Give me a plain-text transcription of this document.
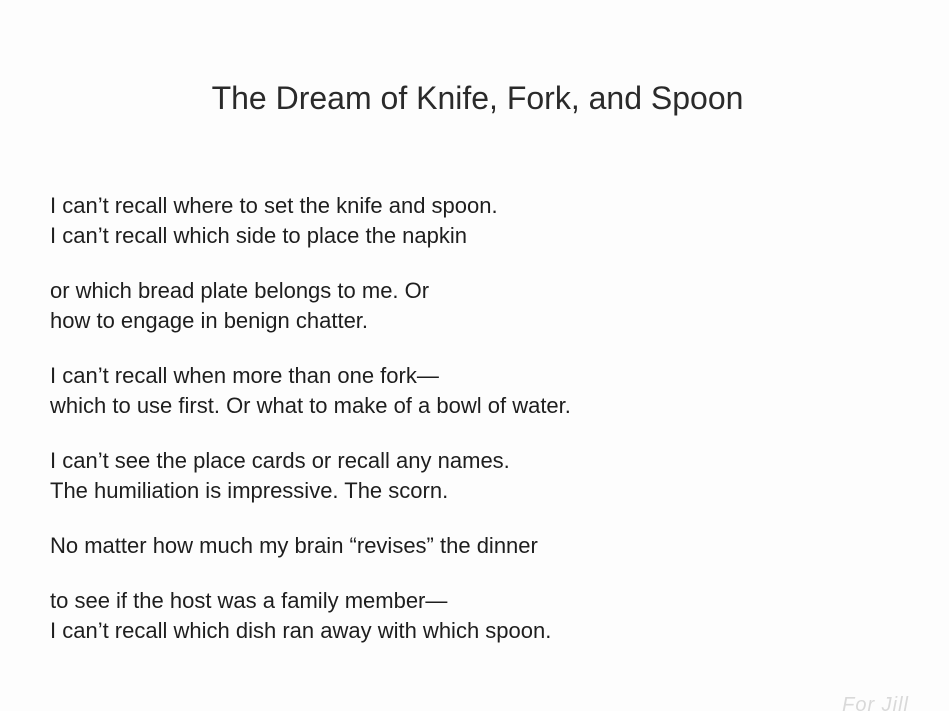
The Dream of Knife, Fork, and Spoon
I can’t recall where to set the knife and spoon.
I can’t recall which side to place the napkin
or which bread plate belongs to me. Or
how to engage in benign chatter.
I can’t recall when more than one fork—
which to use first. Or what to make of a bowl of water.
I can’t see the place cards or recall any names.
The humiliation is impressive. The scorn.
No matter how much my brain “revises” the dinner
to see if the host was a family member—
I can’t recall which dish ran away with which spoon.
For Jill
